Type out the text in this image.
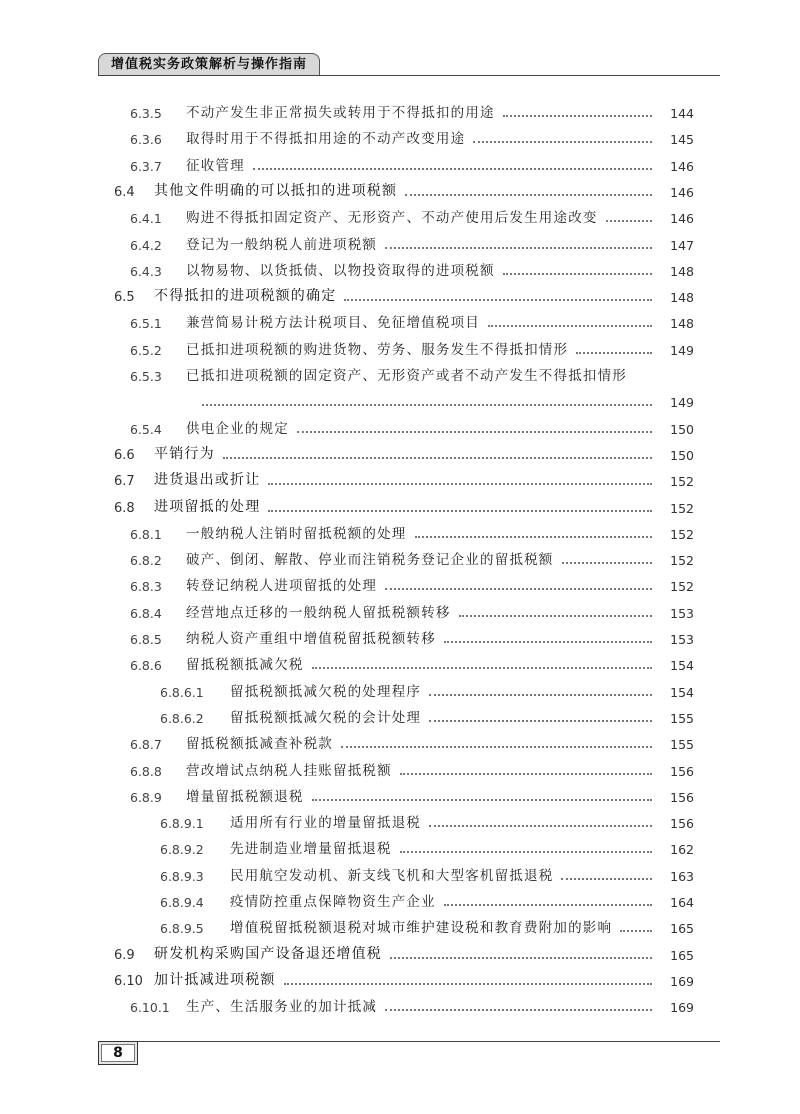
增值税实务政策解析与操作指南
6.3.5	不动产发生非正常损失或转用于不得抵扣的用途	144
6.3.6	取得时用于不得抵扣用途的不动产改变用途	145
6.3.7	征收管理	146
6.4	其他文件明确的可以抵扣的进项税额	146
6.4.1	购进不得抵扣固定资产、无形资产、不动产使用后发生用途改变	146
6.4.2	登记为一般纳税人前进项税额	147
6.4.3	以物易物、以货抵债、以物投资取得的进项税额	148
6.5	不得抵扣的进项税额的确定	148
6.5.1	兼营简易计税方法计税项目、免征增值税项目	148
6.5.2	已抵扣进项税额的购进货物、劳务、服务发生不得抵扣情形	149
6.5.3	已抵扣进项税额的固定资产、无形资产或者不动产发生不得抵扣情形
149
6.5.4	供电企业的规定	150
6.6	平销行为	150
6.7	进货退出或折让	152
6.8	进项留抵的处理	152
6.8.1	一般纳税人注销时留抵税额的处理	152
6.8.2	破产、倒闭、解散、停业而注销税务登记企业的留抵税额	152
6.8.3	转登记纳税人进项留抵的处理	152
6.8.4	经营地点迁移的一般纳税人留抵税额转移	153
6.8.5	纳税人资产重组中增值税留抵税额转移	153
6.8.6	留抵税额抵减欠税	154
6.8.6.1	留抵税额抵减欠税的处理程序	154
6.8.6.2	留抵税额抵减欠税的会计处理	155
6.8.7	留抵税额抵减查补税款	155
6.8.8	营改增试点纳税人挂账留抵税额	156
6.8.9	增量留抵税额退税	156
6.8.9.1	适用所有行业的增量留抵退税	156
6.8.9.2	先进制造业增量留抵退税	162
6.8.9.3	民用航空发动机、新支线飞机和大型客机留抵退税	163
6.8.9.4	疫情防控重点保障物资生产企业	164
6.8.9.5	增值税留抵税额退税对城市维护建设税和教育费附加的影响	165
6.9	研发机构采购国产设备退还增值税	165
6.10 加计抵减进项税额	169
6.10.1	生产、生活服务业的加计抵减	169
8
